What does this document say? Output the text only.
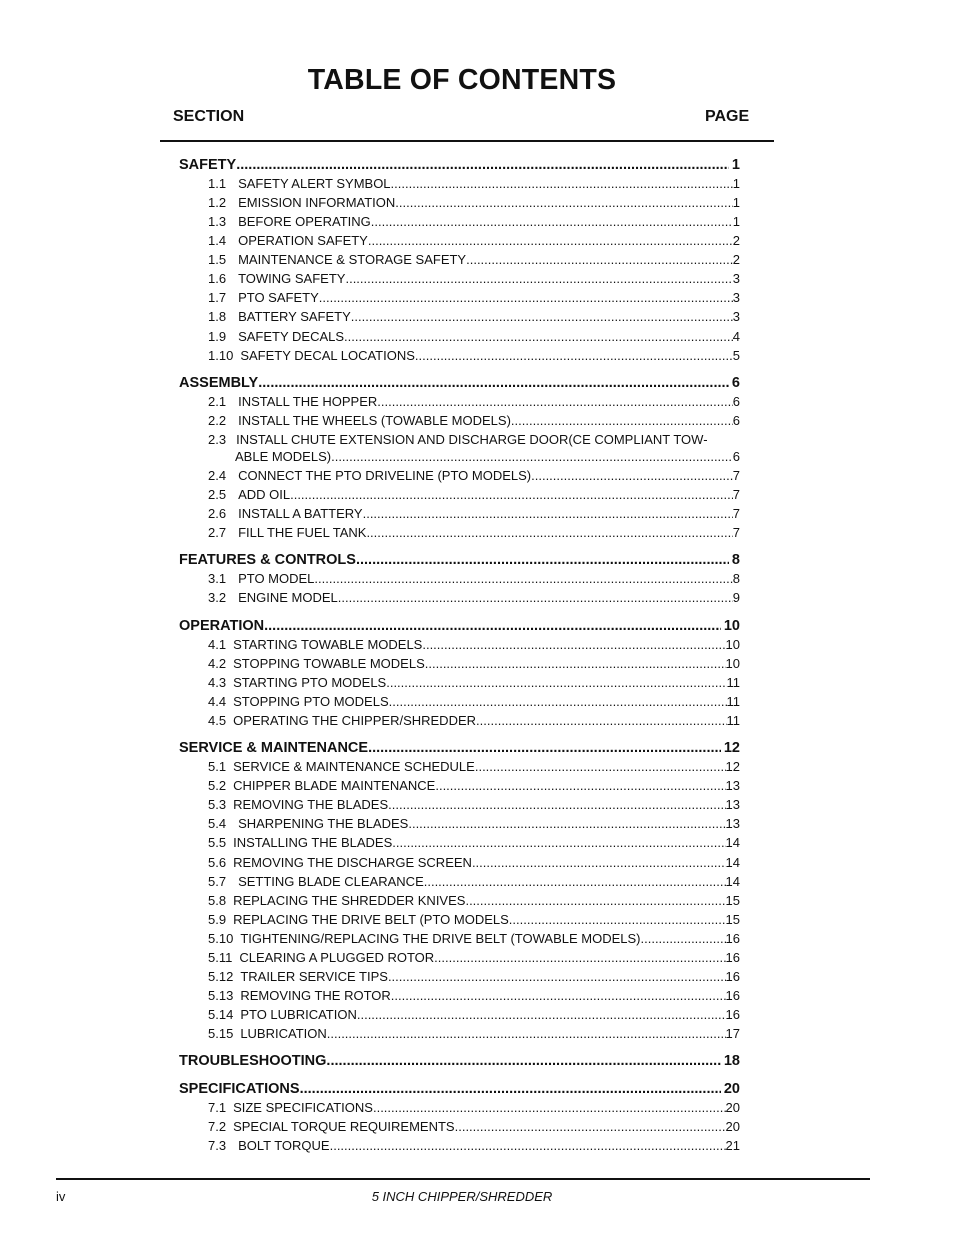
TABLE OF CONTENTS
SECTION	PAGE
SAFETY .....	1
1.1 SAFETY ALERT SYMBOL .....	1
1.2 EMISSION INFORMATION .....	1
1.3 BEFORE OPERATING .....	1
1.4 OPERATION SAFETY .....	2
1.5 MAINTENANCE & STORAGE SAFETY .....	2
1.6 TOWING SAFETY .....	3
1.7 PTO SAFETY .....	3
1.8 BATTERY SAFETY .....	3
1.9 SAFETY DECALS .....	4
1.10 SAFETY DECAL LOCATIONS .....	5
ASSEMBLY .....	6
2.1 INSTALL THE HOPPER .....	6
2.2 INSTALL THE WHEELS (TOWABLE MODELS) .....	6
2.3 INSTALL CHUTE EXTENSION AND DISCHARGE DOOR(CE COMPLIANT TOW-
ABLE MODELS) .....	6
2.4 CONNECT THE PTO DRIVELINE (PTO MODELS) .....	7
2.5 ADD OIL .....	7
2.6 INSTALL A BATTERY .....	7
2.7 FILL THE FUEL TANK .....	7
FEATURES & CONTROLS .....	8
3.1 PTO MODEL .....	8
3.2 ENGINE MODEL .....	9
OPERATION .....	10
4.1 STARTING TOWABLE MODELS .....	10
4.2 STOPPING TOWABLE MODELS .....	10
4.3 STARTING PTO MODELS .....	11
4.4 STOPPING PTO MODELS .....	11
4.5 OPERATING THE CHIPPER/SHREDDER .....	11
SERVICE & MAINTENANCE .....	12
5.1 SERVICE & MAINTENANCE SCHEDULE .....	12
5.2 CHIPPER BLADE MAINTENANCE .....	13
5.3 REMOVING THE BLADES .....	13
5.4 SHARPENING THE BLADES .....	13
5.5 INSTALLING THE BLADES .....	14
5.6 REMOVING THE DISCHARGE SCREEN .....	14
5.7 SETTING BLADE CLEARANCE .....	14
5.8 REPLACING THE SHREDDER KNIVES .....	15
5.9 REPLACING THE DRIVE BELT (PTO MODELS .....	15
5.10 TIGHTENING/REPLACING THE DRIVE BELT (TOWABLE MODELS) .....	16
5.11 CLEARING A PLUGGED ROTOR .....	16
5.12 TRAILER SERVICE TIPS .....	16
5.13 REMOVING THE ROTOR .....	16
5.14 PTO LUBRICATION .....	16
5.15 LUBRICATION .....	17
TROUBLESHOOTING .....	18
SPECIFICATIONS .....	20
7.1 SIZE SPECIFICATIONS .....	20
7.2 SPECIAL TORQUE REQUIREMENTS .....	20
7.3 BOLT TORQUE .....	21
iv	5 INCH CHIPPER/SHREDDER
